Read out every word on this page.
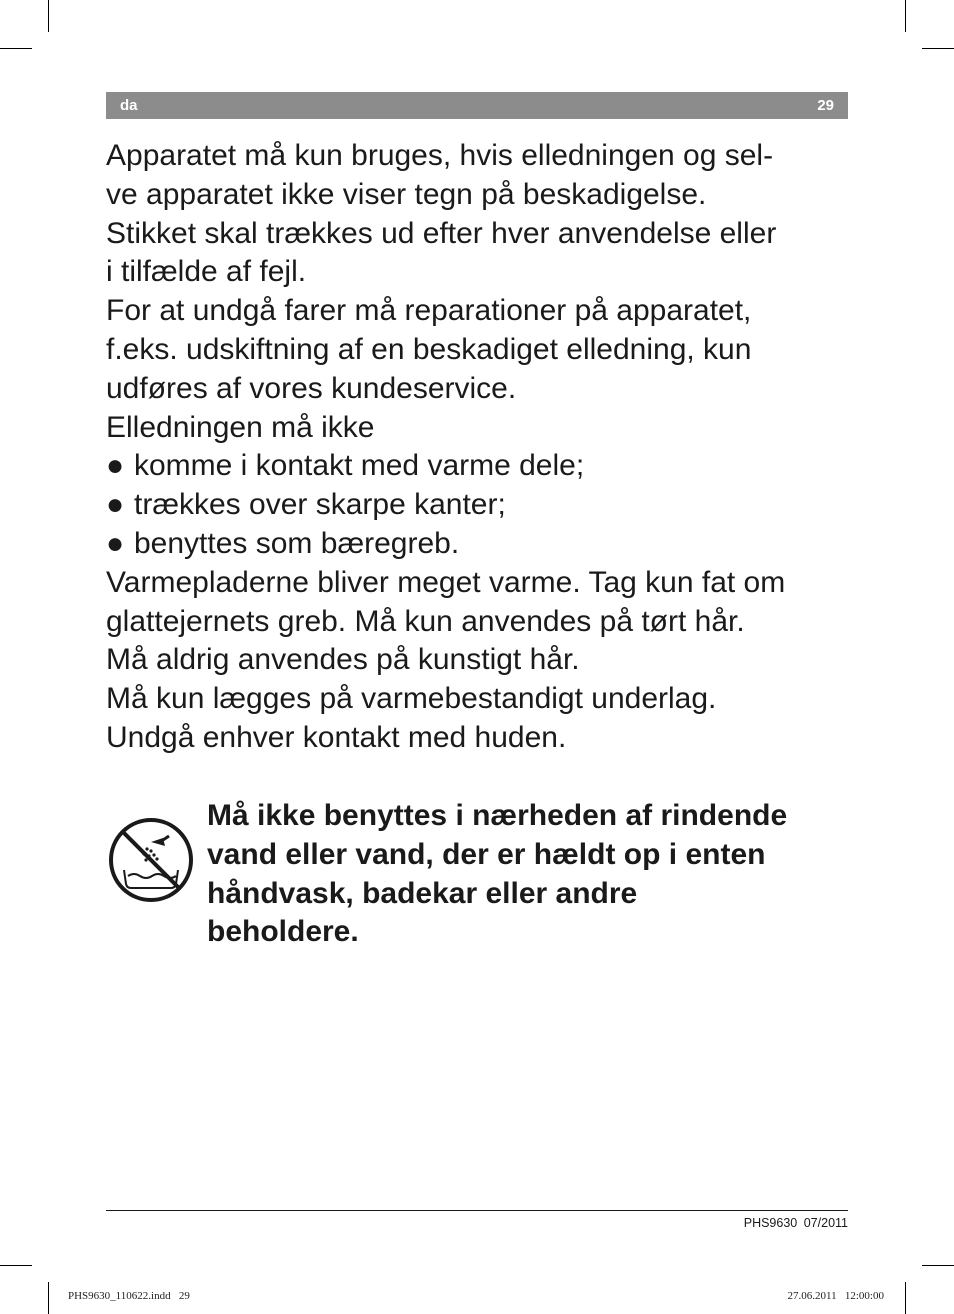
da	29
Apparatet må kun bruges, hvis elledningen og sel-
ve apparatet ikke viser tegn på beskadigelse.
Stikket skal trækkes ud efter hver anvendelse eller
i tilfælde af fejl.
For at undgå farer må reparationer på apparatet,
f.eks. udskiftning af en beskadiget elledning, kun
udføres af vores kundeservice.
Elledningen må ikke
● komme i kontakt med varme dele;
● trækkes over skarpe kanter;
● benyttes som bæregreb.
Varmepladerne bliver meget varme. Tag kun fat om
glattejernets greb. Må kun anvendes på tørt hår.
Må aldrig anvendes på kunstigt hår.
Må kun lægges på varmebestandigt underlag.
Undgå enhver kontakt med huden.
Må ikke benyttes i nærheden af rindende
vand eller vand, der er hældt op i enten
håndvask, badekar eller andre
beholdere.
PHS9630 07/2011
PHS9630_110622.indd   29	27.06.2011   12:00:00
